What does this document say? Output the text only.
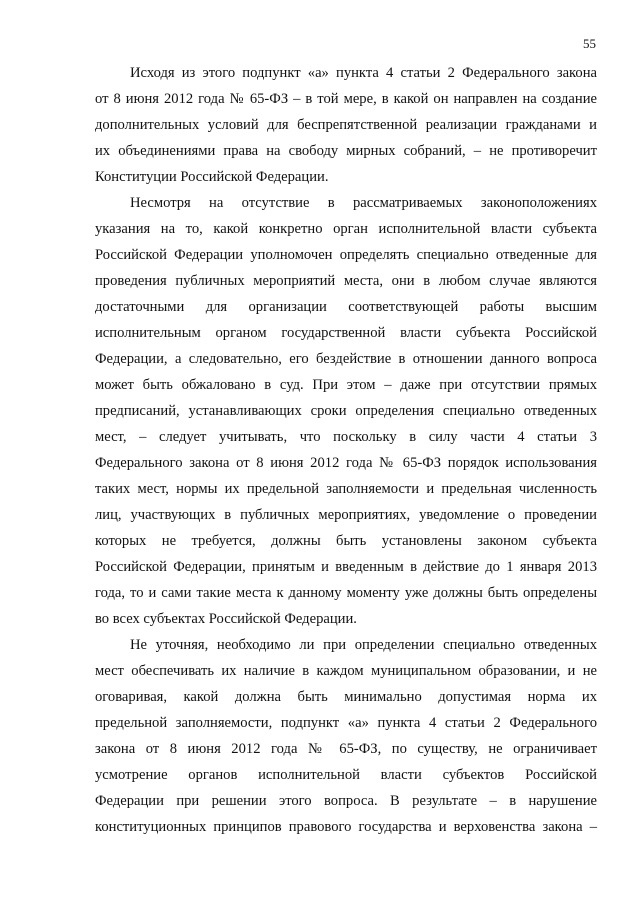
55

Исходя из этого подпункт «а» пункта 4 статьи 2 Федерального закона

от 8 июня 2012 года № 65-ФЗ – в той мере, в какой он направлен на создание

дополнительных условий для беспрепятственной реализации гражданами и

их объединениями права на свободу мирных собраний, – не противоречит

Конституции Российской Федерации.

Несмотря на отсутствие в рассматриваемых законоположениях

указания на то, какой конкретно орган исполнительной власти субъекта

Российской Федерации уполномочен определять специально отведенные для

проведения публичных мероприятий места, они в любом случае являются

достаточными для организации соответствующей работы высшим

исполнительным органом государственной власти субъекта Российской

Федерации, а следовательно, его бездействие в отношении данного вопроса

может быть обжаловано в суд. При этом – даже при отсутствии прямых

предписаний, устанавливающих сроки определения специально отведенных

мест, – следует учитывать, что поскольку в силу части 4 статьи 3

Федерального закона от 8 июня 2012 года № 65-ФЗ порядок использования

таких мест, нормы их предельной заполняемости и предельная численность

лиц, участвующих в публичных мероприятиях, уведомление о проведении

которых не требуется, должны быть установлены законом субъекта

Российской Федерации, принятым и введенным в действие до 1 января 2013

года, то и сами такие места к данному моменту уже должны быть определены

во всех субъектах Российской Федерации.

Не уточняя, необходимо ли при определении специально отведенных

мест обеспечивать их наличие в каждом муниципальном образовании, и не

оговаривая, какой должна быть минимально допустимая норма их

предельной заполняемости, подпункт «а» пункта 4 статьи 2 Федерального

закона от 8 июня 2012 года № 65-ФЗ, по существу, не ограничивает

усмотрение органов исполнительной власти субъектов Российской

Федерации при решении этого вопроса. В результате – в нарушение

конституционных принципов правового государства и верховенства закона –
